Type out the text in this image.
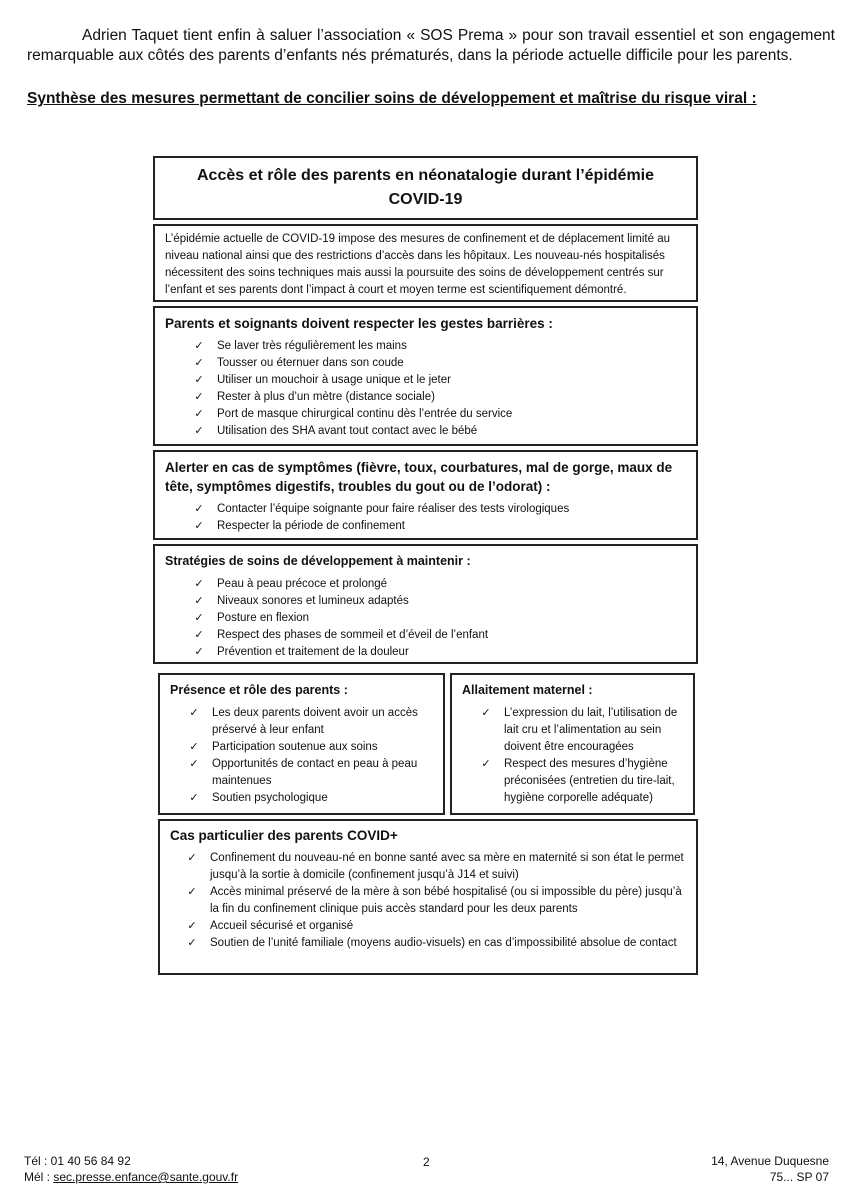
Adrien Taquet tient enfin à saluer l’association « SOS Prema » pour son travail essentiel et son engagement remarquable aux côtés des parents d’enfants nés prématurés, dans la période actuelle difficile pour les parents.

Synthèse des mesures permettant de concilier soins de développement et maîtrise du risque viral :
Accès et rôle des parents en néonatalogie durant l’épidémie
COVID-19
L’épidémie actuelle de COVID-19 impose des mesures de confinement et de déplacement limité au niveau national ainsi que des restrictions d’accès dans les hôpitaux. Les nouveau-nés hospitalisés nécessitent des soins techniques mais aussi la poursuite des soins de développement centrés sur l’enfant et ses parents dont l’impact à court et moyen terme est scientifiquement démontré.

Parents et soignants doivent respecter les gestes barrières :

✓ Se laver très régulièrement les mains
✓ Tousser ou éternuer dans son coude
✓ Utiliser un mouchoir à usage unique et le jeter
✓ Rester à plus d’un mètre (distance sociale)
✓ Port de masque chirurgical continu dès l’entrée du service
✓ Utilisation des SHA avant tout contact avec le bébé

Alerter en cas de symptômes (fièvre, toux, courbatures, mal de gorge, maux de tête, symptômes digestifs, troubles du gout ou de l’odorat) :

✓ Contacter l’équipe soignante pour faire réaliser des tests virologiques
✓ Respecter la période de confinement

Stratégies de soins de développement à maintenir :

✓ Peau à peau précoce et prolongé
✓ Niveaux sonores et lumineux adaptés
✓ Posture en flexion
✓ Respect des phases de sommeil et d’éveil de l’enfant
✓ Prévention et traitement de la douleur

Présence et rôle des parents :

✓ Les deux parents doivent avoir un accès préservé à leur enfant
✓ Participation soutenue aux soins
✓ Opportunités de contact en peau à peau maintenues
✓ Soutien psychologique

Allaitement maternel :

✓ L’expression du lait, l’utilisation de lait cru et l’alimentation au sein doivent être encouragées
✓ Respect des mesures d’hygiène préconisées (entretien du tire-lait, hygiène corporelle adéquate)

Cas particulier des parents COVID+

✓ Confinement du nouveau-né en bonne santé avec sa mère en maternité si son état le permet jusqu’à la sortie à domicile (confinement jusqu’à J14 et suivi)
✓ Accès minimal préservé de la mère à son bébé hospitalisé (ou si impossible du père) jusqu’à la fin du confinement clinique puis accès standard pour les deux parents
✓ Accueil sécurisé et organisé
✓ Soutien de l’unité familiale (moyens audio-visuels) en cas d’impossibilité absolue de contact
Tél : 01 40 56 84 92
Mél : sec.presse.enfance@sante.gouv.fr
2	14, Avenue Duquesne
75... SP 07
